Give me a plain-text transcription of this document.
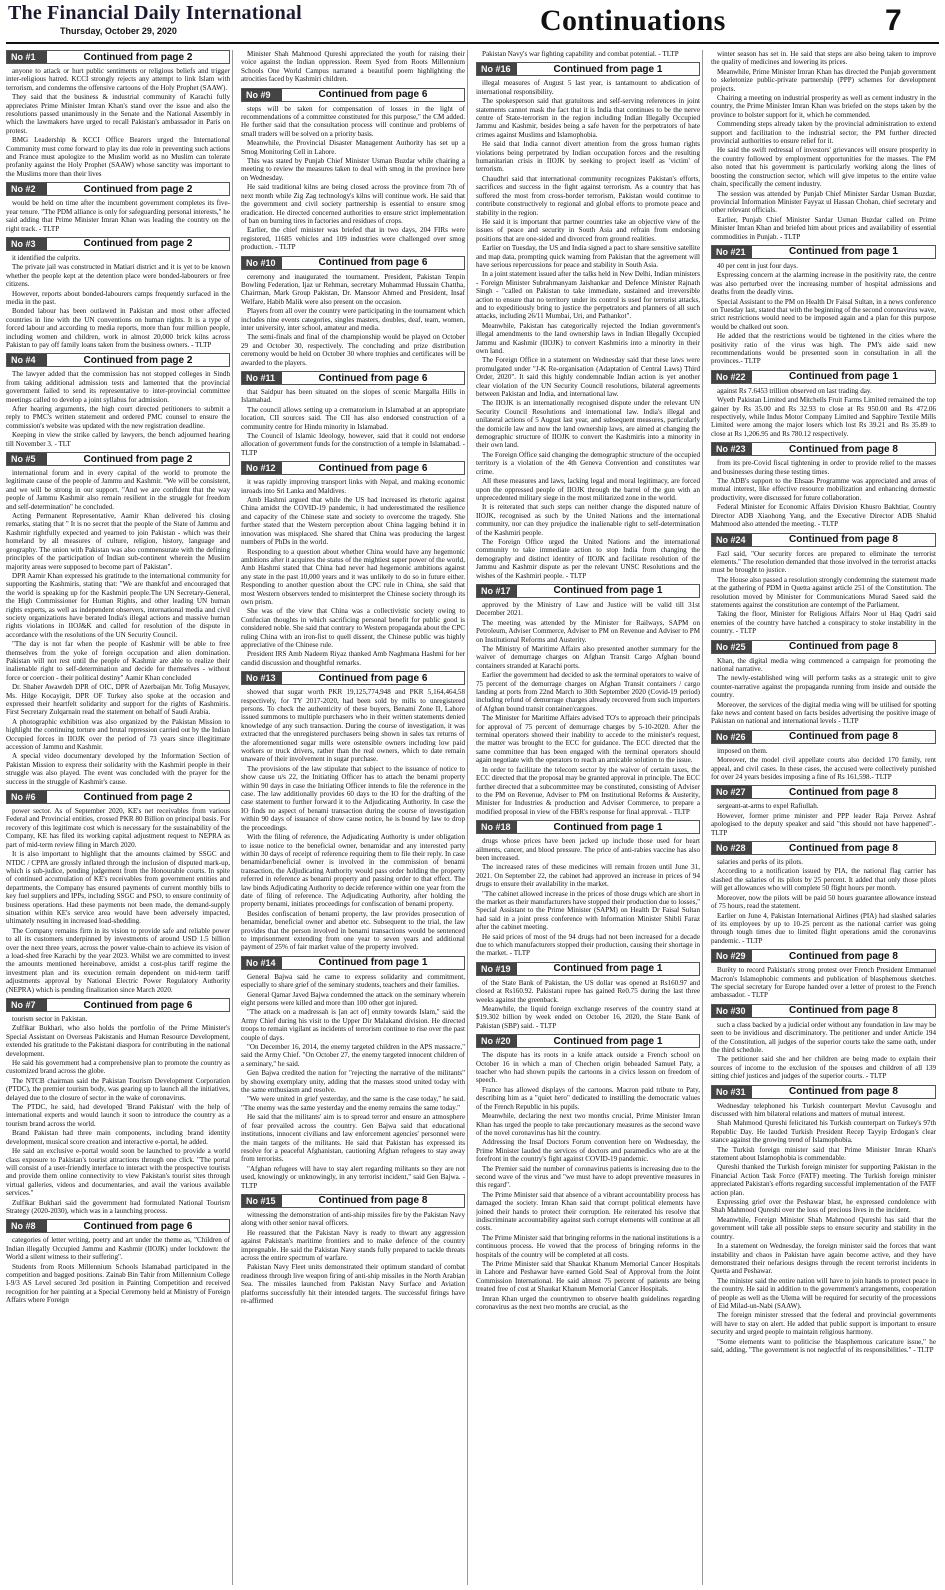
The Financial Daily International
Thursday, October 29, 2020	Continuations	7
No #1	Continued from page 2

anyone to attack or hurt public sentiments or religious beliefs and trigger inter-religious hatred. KCCI strongly rejects any attempt to link Islam with terrorism, and condemns the offensive cartoons of the Holy Prophet (SAAW).

They said that the business & industrial community of Karachi fully appreciates Prime Minister Imran Khan's stand over the issue and also the resolutions passed unanimously in the Senate and the National Assembly in which the lawmakers have urged to recall Pakistan's ambassador in Paris on protest.

BMG Leadership & KCCI Office Bearers urged the International Community must come forward to play its due role in preventing such actions and France must apologize to the Muslim world as no Muslim can tolerate profanity against the Holy Prophet (SAAW) whose sanctity was important to the Muslims more than their lives

No #2	Continued from page 2

would be held on time after the incumbent government completes its five-year tenure. "The PDM alliance is only for safeguarding personal interests," he said adding that Prime Minister Imran Khan was leading the country on the right track. - TLTP

No #3	Continued from page 2

it identified the culprits.

The private jail was constructed in Matiari district and it is yet to be known whether the people kept at the detention place were bonded-labourers or free citizens.

However, reports about bonded-labourers camps frequently surfaced in the media in the past.

Bonded labour has been outlawed in Pakistan and most other affected countries in line with the UN conventions on human rights. It is a type of forced labour and according to media reports, more than four million people, including women and children, work in almost 20,000 brick kilns across Pakistan to pay off family loans taken from the business owners. - TLTP

No #4	Continued from page 2

The lawyer added that the commission has not stopped colleges in Sindh from taking additional admission tests and lamented that the provincial government failed to send its representative to inter-provincial committee meetings called to develop a joint syllabus for admission.

After hearing arguments, the high court directed petitioners to submit a reply to PMC's written statement and ordered PMC counsel to ensure the commission's website was updated with the new registration deadline.

Keeping in view the strike called by lawyers, the bench adjourned hearing till November 3. - TLT

No #5	Continued from page 2

international forum and in every capital of the world to promote the legitimate cause of the people of Jammu and Kashmir. "We will be consistent, and we will be strong in our support. "And we are confident that the way people of Jammu Kashmir also remain resilient in the struggle for freedom and self-determination" he concluded.

Acting Permanent Representative, Aamir Khan delivered his closing remarks, stating that " It is no secret that the people of the State of Jammu and Kashmir rightfully expected and yearned to join Pakistan - which was their homeland by all measures of culture, religion, history, language and geography. The union with Pakistan was also commensurate with the defining principles of the participation of Indian sub-continent wherein the Muslim majority areas were supposed to become part of Pakistan".

DPR Aamir Khan expressed his gratitude to the international community for supporting the Kashmiris, stating that: "We are thankful and encouraged that the world is speaking up for the Kashmiri people.The UN Secretary-General, the High Commissioner for Human Rights, and other leading UN human rights experts, as well as independent observers, international media and civil society organizations have berated India's illegal actions and massive human rights violations in IIOJ&K and called for resolution of the dispute in accordance with the resolutions of the UN Security Council.

"The day is not far when the people of Kashmir will be able to free themselves from the yoke of foreign occupation and alien domination. Pakistan will not rest until the people of Kashmir are able to realize their inalienable right to self-determination and decide for themselves - without force or coercion - their political destiny" Aamir Khan concluded

Dr. Shaher Awawdeh DPR of OIC, DPR of Azerbaijan Mr. Tofig Musayev, Ms. Hilge Kocayigit, DPR OF Turkey also spoke at the occasion and expressed their heartfelt solidarity and support for the rights of Kashmiris. First Secretary Zulqarnain read the statement on behalf of Saudi Arabia.

A photographic exhibition was also organized by the Pakistan Mission to highlight the continuing torture and brutal repression carried out by the Indian Occupied forces in IIOJK over the period of 73 years since illegitimate accession of Jammu and Kashmir.

A special video documentary developed by the Information Section of Pakistan Mission to express their solidarity with the Kashmiri people in their struggle was also played. The event was concluded with the prayer for the success in the struggle of Kashmir's cause.

No #6	Continued from page 2

power sector. As of September 2020, KE's net receivables from various Federal and Provincial entities, crossed PKR 80 Billion on principal basis. For recovery of this legitimate cost which is necessary for the sustainability of the Company, KE has filed its working capital adjustment request to NEPRA as part of mid-term review filing in March 2020.

It is also important to highlight that the amounts claimed by SSGC and NTDC / CPPA are grossly inflated through the inclusion of disputed mark-up, which is sub-judice, pending judgement from the Honourable courts. In spite of continued accumulation of KE's receivables from government entities and departments, the Company has ensured payments of current monthly bills to key fuel suppliers and IPPs, including SSGC and PSO, to ensure continuity of business operations. Had these payments not been made, the demand-supply situation within KE's service area would have been adversely impacted, ultimately resulting in increased load-shedding.

The Company remains firm in its vision to provide safe and reliable power to all its customers underpinned by investments of around USD 1.5 billion over the next three years, across the power value-chain to achieve its vision of a load-shed free Karachi by the year 2023. Whilst we are committed to invest the amounts mentioned hereinabove, amidst a cost-plus tariff regime the investment plan and its execution remain dependent on mid-term tariff adjustments approval by National Electric Power Regulatory Authority (NEPRA) which is pending finalization since March 2020.

No #7	Continued from page 6

tourism sector in Pakistan.

Zulfikar Bukhari, who also holds the portfolio of the Prime Minister's Special Assistant on Overseas Pakistanis and Human Resource Development, extended his gratitude to the Pakistani diaspora for contributing in the national development.

He said his government had a comprehensive plan to promote the country as customized brand across the globe.

The NTCB chairman said the Pakistan Tourism Development Corporation (PTDC), the premier tourism body, was gearing up to launch all the initiatives, delayed due to the closure of sector in the wake of coronavirus.

The PTDC, he said, had developed 'Brand Pakistan' with the help of international experts and would launch it soon to introduce the country as a tourism brand across the world.

Brand Pakistan had three main components, including brand identity development, musical score creation and interactive e-portal, he added.

He said an exclusive e-portal would soon be launched to provide a world class exposure to Pakistan's tourist attractions through one click. "The portal will consist of a user-friendly interface to interact with the prospective tourists and provide them online connectivity to view Pakistan's tourist sites through virtual galleries, videos and documentaries, and avail the various available services."

Zulfikar Bukhari said the government had formulated National Tourism Strategy (2020-2030), which was in a launching process.

No #8	Continued from page 6

categories of letter writing, poetry and art under the theme as, "Children of Indian illegally Occupied Jammu and Kashmir (IIOJK) under lockdown: the World a silent witness to their suffering".

Students from Roots Millennium Schools Islamabad participated in the competition and bagged positions. Zainab Bin Tahir from Millennium College I-9/3 AS Level secured 3rd position in Painting Competition and received recognition for her painting at a Special Ceremony held at Ministry of Foreign Affairs where Foreign

Minister Shah Mahmood Qureshi appreciated the youth for raising their voice against the Indian oppression. Reem Syed from Roots Millennium Schools One World Campus narrated a beautiful poem highlighting the atrocities faced by Kashmiri children.

No #9	Continued from page 6

steps will be taken for compensation of losses in the light of recommendations of a committee constituted for this purpose," the CM added. He further said that the consultation process will continue and problems of small traders will be solved on a priority basis.

Meanwhile, the Provincial Disaster Management Authority has set up a Smog Monitoring Cell in Lahore.

This was stated by Punjab Chief Minister Usman Buzdar while chairing a meeting to review the measures taken to deal with smog in the province here on Wednesday.

He said traditional kilns are being closed across the province from 7th of next month while Zig Zag technology's kilns will continue work. He said that the government and civil society partnership is essential to ensure smog eradication. He directed concerned authorities to ensure strict implementation of ban on burning tires in factories and residues of crops.

Earlier, the chief minister was briefed that in two days, 204 FIRs were registered, 11685 vehicles and 109 industries were challenged over smog production. - TLTP

No #10	Continued from page 6

ceremony and inaugurated the tournament. President, Pakistan Tenpin Bowling Federation, Ijaz ur Rehman, secretary Muhammad Hussain Chattha, Chairman, Mark Group Pakistan, Dr. Mansoor Ahmed and President, Insaf Welfare, Habib Malik were also present on the occasion.

Players from all over the country were participating in the tournament which includes nine events categories, singles masters, doubles, deaf, team, women, inter university, inter school, amateur and media.

The semi-finals and final of the championship would be played on October 29 and October 30, respectively. The concluding and prize distribution ceremony would be held on October 30 where trophies and certificates will be awarded to the players.

No #11	Continued from page 6

that Saidpur has been situated on the slopes of scenic Margalla Hills in Islamabad.

The council allows setting up a crematorium in Islamabad at an appropriate location, CII sources said. The CII has also endorsed construction of a community centre for Hindu minority in Islamabad.

The Council of Islamic Ideology, however, said that it could not endorse allocation of government funds for the construction of a temple in Islamabad. - TLTP

No #12	Continued from page 6

it was rapidly improving transport links with Nepal, and making economic inroads into Sri Lanka and Maldives.

Amb Hashmi argued that while the US had increased its rhetoric against China amidst the COVID-19 pandemic, it had underestimated the resilience and capacity of the Chinese state and society to overcome the tragedy. She further stated that the Western perception about China lagging behind it in innovation was misplaced. She shared that China was producing the largest numbers of PhDs in the world.

Responding to a question about whether China would have any hegemonic ambitions after it acquires the status of the mightiest super power of the world, Amb Hashmi stated that China had never had hegemonic ambitions against any state in the past 10,000 years and it was unlikely to do so in future either. Responding to another question about the CPC rule in China, she said that most Western observers tended to misinterpret the Chinese society through its own prism.

She was of the view that China was a collectivistic society owing to Confucian thoughts in which sacrificing personal benefit for public good is considered noble. She said that contrary to Western propaganda about the CPC ruling China with an iron-fist to quell dissent, the Chinese public was highly appreciative of the Chinese rule.

President IRS Amb Nadeem Riyaz thanked Amb Naghmana Hashmi for her candid discussion and thoughtful remarks.

No #13	Continued from page 6

showed that sugar worth PKR 19,125,774,948 and PKR 5,164,464,58 respectively, for TY 2017-2020, had been sold by mills to unregistered persons. To check the authenticity of these buyers, Benami Zone II, Lahore issued summons to multiple purchasers who in their written statements denied knowledge of any such transaction. During the course of investigation, it was extracted that the unregistered purchasers being shown in sales tax returns of the aforementioned sugar mills were ostensible owners including low paid workers or truck drivers, rather than the real owners, which to date remain unaware of their involvement in sugar purchase.

The provisions of the law stipulate that subject to the issuance of notice to show cause u/s 22, the Initiating Officer has to attach the benami property within 90 days in case the Initiating Officer intends to file the reference in the case. The law additionally provides 60 days to the IO for the drafting of the case statement to further forward it to the Adjudicating Authority. In case the IO finds no aspect of benami transaction during the course of investigation within 90 days of issuance of show cause notice, he is bound by law to drop the proceedings.

With the filing of reference, the Adjudicating Authority is under obligation to issue notice to the beneficial owner, benamidar and any interested party within 30 days of receipt of reference requiring them to file their reply. In case benamidar/beneficial owner is involved in the commission of benami transaction, the Adjudicating Authority would pass order holding the property referred in reference as benami property and passing order to that effect. The law binds Adjudicating Authority to decide reference within one year from the date of filing of reference. The Adjudicating Authority, after holding the property benami, initiates proceedings for confiscation of benami property.

Besides confiscation of benami property, the law provides prosecution of benamidar, beneficial owner and abettor etc. Subsequent to the trial, the law provides that the person involved in benami transactions would be sentenced to imprisonment extending from one year to seven years and additional payment of 25% of fair market value of the property involved.

No #14	Continued from page 1

General Bajwa said he came to express solidarity and commitment, especially to share grief of the seminary students, teachers and their families.

General Qamar Javed Bajwa condemned the attack on the seminary wherein eight persons were killed and more than 100 other got injured.

"The attack on a madressah is [an act of] enmity towards Islam," said the Army Chief during his visit to the Upper Dir Malakand division. He directed troops to remain vigilant as incidents of terrorism continue to rise over the past couple of days.

"On December 16, 2014, the enemy targeted children in the APS massacre," said the Army Chief. "On October 27, the enemy targeted innocent children of a seminary," he said.

Gen Bajwa credited the nation for "rejecting the narrative of the militants" by showing exemplary unity, adding that the masses stood united today with the same enthusiasm and resolve.

"We were united in grief yesterday, and the same is the case today," he said. "The enemy was the same yesterday and the enemy remains the same today."

He said that the militants' aim is to spread terror and ensure an atmosphere of fear prevailed across the country. Gen Bajwa said that educational institutions, innocent civilians and law enforcement agencies' personnel were the main targets of the militants. He said that Pakistan has expressed its resolve for a peaceful Afghanistan, cautioning Afghan refugees to stay away from terrorists.

"Afghan refugees will have to stay alert regarding militants so they are not used, knowingly or unknowingly, in any terrorist incident," said Gen Bajwa. - TLTP

No #15	Continued from page 8

witnessing the demonstration of anti-ship missiles fire by the Pakistan Navy along with other senior naval officers.

He reassured that the Pakistan Navy is ready to thwart any aggression against Pakistan's maritime frontiers and to make defence of the country impregnable. He said the Pakistan Navy stands fully prepared to tackle threats across the entire spectrum of warfare.

Pakistan Navy Fleet units demonstrated their optimum standard of combat readiness through live weapon firing of anti-ship missiles in the North Arabian Sea. The missiles launched from Pakistan Navy Surface and Aviation platforms successfully hit their intended targets. The successful firings have re-affirmed

Pakistan Navy's war fighting capability and combat potential. - TLTP

No #16	Continued from page 1

illegal measures of August 5 last year, is tantamount to abdication of international responsibility.

The spokesperson said that gratuitous and self-serving references in joint statements cannot mask the fact that it is India that continues to be the nerve centre of State-terrorism in the region including Indian Illegally Occupied Jammu and Kashmir, besides being a safe haven for the perpetrators of hate crimes against Muslims and Islamophobia.

He said that India cannot divert attention from the gross human rights violations being perpetrated by Indian occupation forces and the resulting humanitarian crisis in IIOJK by seeking to project itself as 'victim' of terrorism.

Chaudhri said that international community recognizes Pakistan's efforts, sacrifices and success in the fight against terrorism. As a country that has suffered the most from cross-border terrorism, Pakistan would continue to contribute constructively to regional and global efforts to promote peace and stability in the region.

He said it is important that partner countries take an objective view of the issues of peace and security in South Asia and refrain from endorsing positions that are one-sided and divorced from ground realities.

Earlier on Tuesday, the US and India signed a pact to share sensitive satellite and map data, prompting quick warning from Pakistan that the agreement will have serious repercussions for peace and stability in South Asia.

In a joint statement issued after the talks held in New Delhi, Indian ministers - Foreign Minister Subrahmanyam Jaishankar and Defence Minister Rajnath Singh - "called on Pakistan to take immediate, sustained and irreversible action to ensure that no territory under its control is used for terrorist attacks, and to expeditiously bring to justice the perpetrators and planners of all such attacks, including 26/11 Mumbai, Uri, and Pathankot".

Meanwhile, Pakistan has categorically rejected the Indian government's illegal amendments to the land ownership laws in Indian Illegally Occupied Jammu and Kashmir (IIOJK) to convert Kashmiris into a minority in their own land.

The Foreign Office in a statement on Wednesday said that these laws were promulgated under "J-K Re-organisation (Adaptation of Central Laws) Third Order, 2020". It said this highly condemnable Indian action is yet another clear violation of the UN Security Council resolutions, bilateral agreements between Pakistan and India, and international law.

The IIOJK is an internationally recognised dispute under the relevant UN Security Council Resolutions and international law. India's illegal and unilateral actions of 5 August last year, and subsequent measures, particularly the domicile law and now the land ownership laws, are aimed at changing the demographic structure of IIOJK to convert the Kashmiris into a minority in their own land.

The Foreign Office said changing the demographic structure of the occupied territory is a violation of the 4th Geneva Convention and constitutes war crime.

All these measures and laws, lacking legal and moral legitimacy, are forced upon the oppressed people of IIOJK through the barrel of the gun with an unprecedented military siege in the most militarized zone in the world.

It is reiterated that such steps can neither change the disputed nature of IIOJK, recognised as such by the United Nations and the international community, nor can they prejudice the inalienable right to self-determination of the Kashmiri people.

The Foreign Office urged the United Nations and the international community to take immediate action to stop India from changing the demography and distinct identity of IIOJK and facilitate resolution of the Jammu and Kashmir dispute as per the relevant UNSC Resolutions and the wishes of the Kashmiri people. - TLTP

No #17	Continued from page 1

approved by the Ministry of Law and Justice will be valid till 31st December 2021.

The meeting was attended by the Minister for Railways, SAPM on Petroleum, Adviser Commerce, Adviser to PM on Revenue and Adviser to PM on Institutional Reforms and Austerity.

The Ministry of Maritime Affairs also presented another summary for the waiver of demurrage charges on Afghan Transit Cargo Afghan bound containers stranded at Karachi ports.

Earlier the government had decided to ask the terminal operators to waive of 75 percent of the demurrage charges on Afghan Transit containers / cargo landing at ports from 22nd March to 30th September 2020 (Covid-19 period) including refund of demurrage charges already recovered from such importers of Afghan bound transit container/cargoes.

The Minister for Maritime Affairs advised TO's to approach their principals for approval of 75 percent of demurrage charges by 5-10-2020. After the terminal operators showed their inability to accede to the minister's request, the matter was brought to the ECC for guidance. The ECC directed that the same committee that has been engaged with the terminal operators should again negotiate with the operators to reach an amicable solution to the issue.

In order to facilitate the telecom sector by the waiver of certain taxes, the ECC directed that the proposal may be granted approval in principle. The ECC further directed that a subcommittee may be constituted, consisting of Adviser to the PM on Revenue, Adviser to PM on Institutional Reforms & Austerity, Minister for Industries & production and Adviser Commerce, to prepare a modified proposal in view of the FBR's response for final approval. - TLTP

No #18	Continued from page 1

drugs whose prices have been jacked up include those used for heart ailments, cancer, and blood pressure. The price of anti-rabies vaccine has also been increased.

The increased rates of these medicines will remain frozen until June 31, 2021. On September 22, the cabinet had approved an increase in prices of 94 drugs to ensure their availability in the market.

"The cabinet allowed increase in the prices of those drugs which are short in the market as their manufacturers have stopped their production due to losses," Special Assistant to the Prime Minister (SAPM) on Health Dr Faisal Sultan had said in a joint press conference with Information Minister Shibli Faraz after the cabinet meeting.

He said prices of most of the 94 drugs had not been increased for a decade due to which manufacturers stopped their production, causing their shortage in the market. - TLTP

No #19	Continued from page 1

of the State Bank of Pakistan, the US dollar was opened at Rs160.97 and closed at Rs160.92. Pakistani rupee has gained Re0.75 during the last three weeks against the greenback.

Meanwhile, the liquid foreign exchange reserves of the country stand at $19.302 billion by week ended on October 16, 2020, the State Bank of Pakistan (SBP) said. - TLTP

No #20	Continued from page 1

The dispute has its roots in a knife attack outside a French school on October 16 in which a man of Chechen origin beheaded Samuel Paty, a teacher who had shown pupils the cartoons in a civics lesson on freedom of speech.

France has allowed displays of the cartoons. Macron paid tribute to Paty, describing him as a "quiet hero" dedicated to instilling the democratic values of the French Republic in his pupils.

Meanwhile, declaring the next two months crucial, Prime Minister Imran Khan has urged the people to take precautionary measures as the second wave of the novel coronavirus has hit the country.

Addressing the Insaf Doctors Forum convention here on Wednesday, the Prime Minister lauded the services of doctors and paramedics who are at the forefront in the country's fight against COVID-19 pandemic.

The Premier said the number of coronavirus patients is increasing due to the second wave of the virus and "we must have to adopt preventive measures in this regard".

The Prime Minister said that absence of a vibrant accountability process has damaged the society. Imran Khan said that corrupt political elements have joined their hands to protect their corruption. He reiterated his resolve that indiscriminate accountability against such corrupt elements will continue at all costs.

The Prime Minister said that bringing reforms in the national institutions is a continuous process. He vowed that the process of bringing reforms in the hospitals of the country will be completed at all costs.

The Prime Minister said that Shaukat Khanum Memorial Cancer Hospitals in Lahore and Peshawar have earned Gold Seal of Approval from the Joint Commission International. He said almost 75 percent of patients are being treated free of cost at Shaukat Khanum Memorial Cancer Hospitals.

Imran Khan urged the countrymen to observe health guidelines regarding coronavirus as the next two months are crucial, as the

winter season has set in. He said that steps are also being taken to improve the quality of medicines and lowering its prices.

Meanwhile, Prime Minister Imran Khan has directed the Punjab government to skeletonize public-private partnership (PPP) schemes for development projects.

Chairing a meeting on industrial prosperity as well as cement industry in the country, the Prime Minister Imran Khan was briefed on the steps taken by the province to bolster support for it, which he commended.

Commending steps already taken by the provincial administration to extend support and facilitation to the industrial sector, the PM further directed provincial authorities to ensure relief for it.

He said the swift redressal of investors' grievances will ensure prosperity in the country followed by employment opportunities for the masses. The PM also noted that his government is particularly working along the lines of boosting the construction sector, which will give impetus to the entire value chain, specifically the cement industry.

The session was attended by Punjab Chief Minister Sardar Usman Buzdar, provincial Information Minister Fayyaz ul Hassan Chohan, chief secretary and other relevant officials.

Earlier, Punjab Chief Minister Sardar Usman Buzdar called on Prime Minister Imran Khan and briefed him about prices and availability of essential commodities in Punjab. - TLTP

No #21	Continued from page 1

40 per cent in just four days.

Expressing concern at the alarming increase in the positivity rate, the centre was also perturbed over the increasing number of hospital admissions and deaths from the deadly virus.

Special Assistant to the PM on Health Dr Faisal Sultan, in a news conference on Tuesday last, stated that with the beginning of the second coronavirus wave, strict restrictions would need to be imposed again and a plan for this purpose would be chalked out soon.

He added that the restrictions would be tightened in the cities where the positivity ratio of the virus was high. The PM's aide said new recommendations would be presented soon in consultation in all the provinces.- TLTP

No #22	Continued from page 1

against Rs 7.6453 trillion observed on last trading day.

Wyeth Pakistan Limited and Mitchells Fruit Farms Limited remained the top gainer by Rs 35.00 and Rs 32.93 to close at Rs 950.00 and Rs 472.06 respectively, while Indus Motor Company Limited and Sapphire Textile Mills Limited were among the major losers which lost Rs 39.21 and Rs 35.89 to close at Rs 1,206.95 and Rs 780.12 respectively.

No #23	Continued from page 8

from its pre-Covid fiscal tightening in order to provide relief to the masses and businesses during these testing times.

The ADB's support to the Ehsaas Programme was appreciated and areas of mutual interest, like effective resource mobilization and enhancing domestic productivity, were discussed for future collaboration.

Federal Minister for Economic Affairs Division Khusro Bakhtiar, Country Director ADB Xiaohong Yang, and the Executive Director ADB Shahid Mahmood also attended the meeting. - TLTP

No #24	Continued from page 8

Fazl said, "Our security forces are prepared to eliminate the terrorist elements." The resolution demanded that those involved in the terrorist attacks must be brought to justice.

The House also passed a resolution strongly condemning the statement made at the gathering of PDM in Quetta against article 251 of the Constitution. The resolution moved by Minister for Communications Murad Saeed said the statements against the constitution are contempt of the Parliament.

Taking the floor, Minister for Religious Affairs Noor ul Haq Qadri said enemies of the country have hatched a conspiracy to stoke instability in the country. - TLTP

No #25	Continued from page 8

Khan, the digital media wing commenced a campaign for promoting the national narrative.

The newly-established wing will perform tasks as a strategic unit to give counter-narrative against the propaganda running from inside and outside the country.

Moreover, the services of the digital media wing will be utilised for spotting fake news and content based on facts besides advertising the positive image of Pakistan on national and international levels - TLTP

No #26	Continued from page 8

imposed on them.

Moreover, the model civil appellate courts also decided 170 family, rent appeal, and civil cases. In these cases, the accused were collectively punished for over 24 years besides imposing a fine of Rs 161,598.- TLTP

No #27	Continued from page 8

sergeant-at-arms to expel Rafiullah.

However, former prime minister and PPP leader Raja Pervez Ashraf apologised to the deputy speaker and said "this should not have happened".- TLTP

No #28	Continued from page 8

salaries and perks of its pilots.

According to a notification issued by PIA, the national flag carrier has slashed the salaries of its pilots by 25 percent. It added that only those pilots will get allowances who will complete 50 flight hours per month.

Moreover, now the pilots will be paid 50 hours guarantee allowance instead of 75 hours, read the statement.

Earlier on June 4, Pakistan International Airlines (PIA) had slashed salaries of its employees by up to 10-25 percent as the national carrier was going through tough times due to limited flight operations amid the coronavirus pandemic. - TLTP

No #29	Continued from page 8

Burëty to record Pakistan's strong protest over French President Emmanuel Macron's Islamophobic comments and publication of blasphemous sketches. The special secretary for Europe handed over a letter of protest to the French ambassador. - TLTP

No #30	Continued from page 8

such a class backed by a judicial order without any foundation in law may be seen to be invidious and discriminatory. The petitioner and under Article 194 of the Constitution, all judges of the superior courts take the same oath, under the third schedule.

The petitioner said she and her children are being made to explain their sources of income to the exclusion of the spouses and children of all 139 sitting chief justices and judges of the superior courts. - TLTP

No #31	Continued from page 8

Wednesday telephoned his Turkish counterpart Mevlut Cavusoglu and discussed with him bilateral relations and matters of mutual interest.

Shah Mahmood Qureshi felicitated his Turkish counterpart on Turkey's 97th Republic Day. He lauded Turkish President Recep Tayyip Erdogan's clear stance against the growing trend of Islamophobia.

The Turkish foreign minister said that Prime Minister Imran Khan's statement about Islamophobia is commendable.

Qureshi thanked the Turkish foreign minister for supporting Pakistan in the Financial Action Task Force (FATF) meeting. The Turkish foreign minister appreciated Pakistan's efforts regarding successful implementation of the FATF action plan.

Expressing grief over the Peshawar blast, he expressed condolence with Shah Mahmood Qureshi over the loss of precious lives in the incident.

Meanwhile, Foreign Minister Shah Mahmood Qureshi has said that the government will take all possible steps to ensure security and stability in the country.

In a statement on Wednesday, the foreign minister said the forces that want instability and chaos in Pakistan have again become active, and they have demonstrated their nefarious designs through the recent terrorist incidents in Quetta and Peshawar.

The minister said the entire nation will have to join hands to protect peace in the country. He said in addition to the government's arrangements, cooperation of people as well as the Ulema will be required for security of the processions of Eid Milad-un-Nabi (SAAW).

The foreign minister stressed that the federal and provincial governments will have to stay on alert. He added that public support is important to ensure security and urged people to maintain religious harmony.

"Some elements want to politicise the blasphemous caricature issue," he said, adding, "The government is not neglectful of its responsibilities." - TLTP
